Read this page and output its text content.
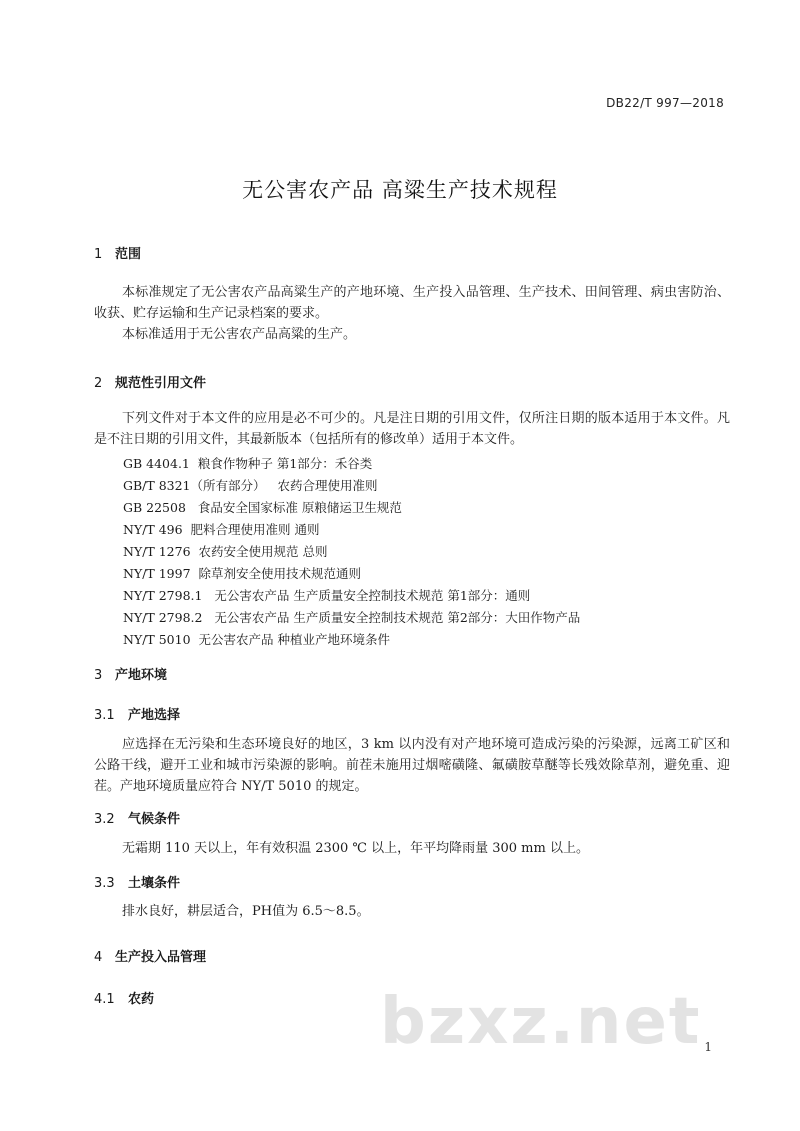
DB22/T 997—2018
无公害农产品 高粱生产技术规程
1 范围
本标准规定了无公害农产品高粱生产的产地环境、生产投入品管理、生产技术、田间管理、病虫害防治、收获、贮存运输和生产记录档案的要求。
本标准适用于无公害农产品高粱的生产。
2 规范性引用文件
下列文件对于本文件的应用是必不可少的。凡是注日期的引用文件，仅所注日期的版本适用于本文件。凡是不注日期的引用文件，其最新版本（包括所有的修改单）适用于本文件。
GB 4404.1 粮食作物种子 第1部分：禾谷类
GB/T 8321（所有部分） 农药合理使用准则
GB 22508 食品安全国家标准 原粮储运卫生规范
NY/T 496 肥料合理使用准则 通则
NY/T 1276 农药安全使用规范 总则
NY/T 1997 除草剂安全使用技术规范通则
NY/T 2798.1 无公害农产品 生产质量安全控制技术规范 第1部分：通则
NY/T 2798.2 无公害农产品 生产质量安全控制技术规范 第2部分：大田作物产品
NY/T 5010 无公害农产品 种植业产地环境条件
3 产地环境
3.1 产地选择
应选择在无污染和生态环境良好的地区，3 km 以内没有对产地环境可造成污染的污染源，远离工矿区和公路干线，避开工业和城市污染源的影响。前茬未施用过烟嘧磺隆、氟磺胺草醚等长残效除草剂，避免重、迎茬。产地环境质量应符合 NY/T 5010 的规定。
3.2 气候条件
无霜期 110 天以上，年有效积温 2300 ℃ 以上，年平均降雨量 300 mm 以上。
3.3 土壤条件
排水良好，耕层适合，PH值为 6.5～8.5。
4 生产投入品管理
4.1 农药	bzxz.net 1
